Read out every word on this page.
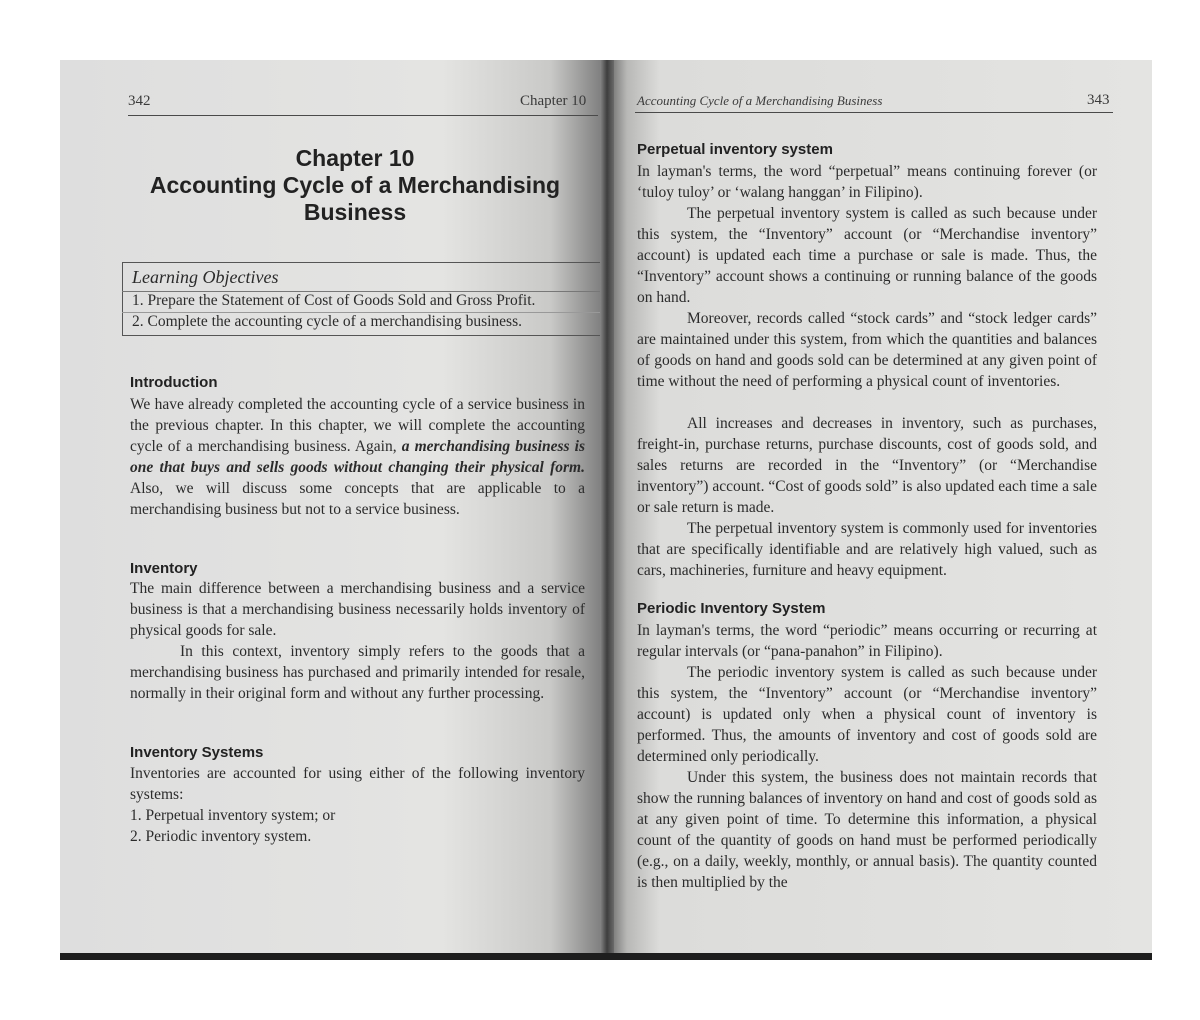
342	Chapter 10
Chapter 10
Accounting Cycle of a Merchandising
Business
Learning Objectives
1. Prepare the Statement of Cost of Goods Sold and Gross Profit.
2. Complete the accounting cycle of a merchandising business.
Introduction
We have already completed the accounting cycle of a service business in the previous chapter. In this chapter, we will complete the accounting cycle of a merchandising business. Again, a merchandising business is one that buys and sells goods without changing their physical form. Also, we will discuss some concepts that are applicable to a merchandising business but not to a service business.
Inventory
The main difference between a merchandising business and a service business is that a merchandising business necessarily holds inventory of physical goods for sale.
In this context, inventory simply refers to the goods that a merchandising business has purchased and primarily intended for resale, normally in their original form and without any further processing.
Inventory Systems
Inventories are accounted for using either of the following inventory systems:
1. Perpetual inventory system; or
2. Periodic inventory system.
Accounting Cycle of a Merchandising Business	343
Perpetual inventory system
In layman's terms, the word “perpetual” means continuing forever (or ‘tuloy tuloy’ or ‘walang hanggan’ in Filipino).
The perpetual inventory system is called as such because under this system, the “Inventory” account (or “Merchandise inventory” account) is updated each time a purchase or sale is made. Thus, the “Inventory” account shows a continuing or running balance of the goods on hand.
Moreover, records called “stock cards” and “stock ledger cards” are maintained under this system, from which the quantities and balances of goods on hand and goods sold can be determined at any given point of time without the need of performing a physical count of inventories.
All increases and decreases in inventory, such as purchases, freight-in, purchase returns, purchase discounts, cost of goods sold, and sales returns are recorded in the “Inventory” (or “Merchandise inventory”) account. “Cost of goods sold” is also updated each time a sale or sale return is made.
The perpetual inventory system is commonly used for inventories that are specifically identifiable and are relatively high valued, such as cars, machineries, furniture and heavy equipment.
Periodic Inventory System
In layman's terms, the word “periodic” means occurring or recurring at regular intervals (or “pana-panahon” in Filipino).
The periodic inventory system is called as such because under this system, the “Inventory” account (or “Merchandise inventory” account) is updated only when a physical count of inventory is performed. Thus, the amounts of inventory and cost of goods sold are determined only periodically.
Under this system, the business does not maintain records that show the running balances of inventory on hand and cost of goods sold as at any given point of time. To determine this information, a physical count of the quantity of goods on hand must be performed periodically (e.g., on a daily, weekly, monthly, or annual basis). The quantity counted is then multiplied by the
